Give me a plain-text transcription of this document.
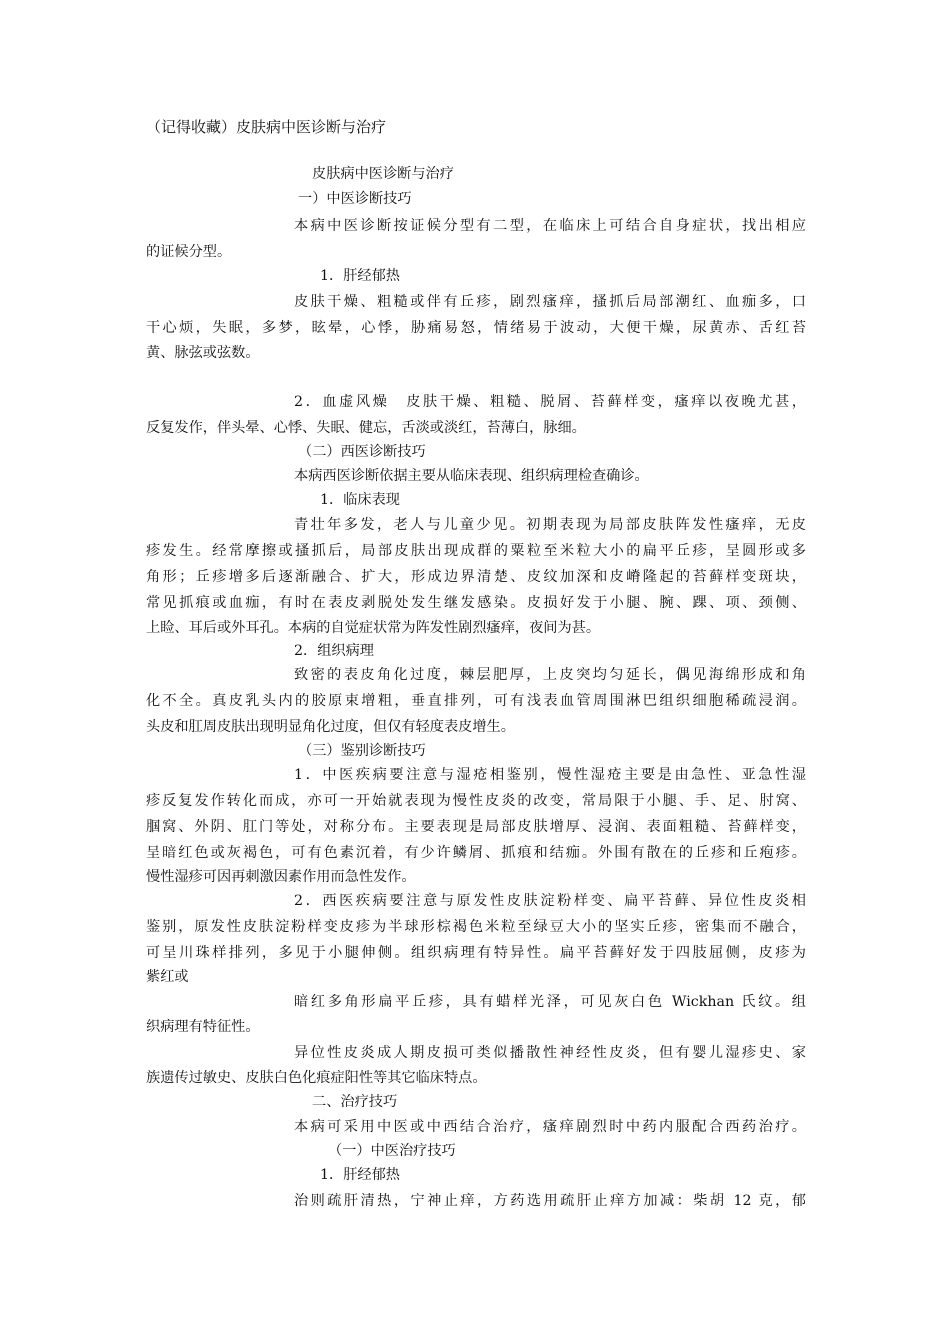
（记得收藏）皮肤病中医诊断与治疗
皮肤病中医诊断与治疗
一）中医诊断技巧
本病中医诊断按证候分型有二型，在临床上可结合自身症状，找出相应
的证候分型。
1．肝经郁热
皮肤干燥、粗糙或伴有丘疹，剧烈瘙痒，搔抓后局部潮红、血痂多，口
干心烦，失眠，多梦，眩晕，心悸，胁痛易怒，情绪易于波动，大便干燥，尿黄赤、舌红苔
黄、脉弦或弦数。
2．血虚风燥　皮肤干燥、粗糙、脱屑、苔藓样变，瘙痒以夜晚尤甚，
反复发作，伴头晕、心悸、失眠、健忘，舌淡或淡红，苔薄白，脉细。
（二）西医诊断技巧
本病西医诊断依据主要从临床表现、组织病理检查确诊。
1．临床表现
青壮年多发，老人与儿童少见。初期表现为局部皮肤阵发性瘙痒，无皮
疹发生。经常摩擦或搔抓后，局部皮肤出现成群的粟粒至米粒大小的扁平丘疹，呈圆形或多
角形；丘疹增多后逐渐融合、扩大，形成边界清楚、皮纹加深和皮嵴隆起的苔藓样变斑块，
常见抓痕或血痂，有时在表皮剥脱处发生继发感染。皮损好发于小腿、腕、踝、项、颈侧、
上睑、耳后或外耳孔。本病的自觉症状常为阵发性剧烈瘙痒，夜间为甚。
2．组织病理
致密的表皮角化过度，棘层肥厚，上皮突均匀延长，偶见海绵形成和角
化不全。真皮乳头内的胶原束增粗，垂直排列，可有浅表血管周围淋巴组织细胞稀疏浸润。
头皮和肛周皮肤出现明显角化过度，但仅有轻度表皮增生。
（三）鉴别诊断技巧
1．中医疾病要注意与湿疮相鉴别，慢性湿疮主要是由急性、亚急性湿
疹反复发作转化而成，亦可一开始就表现为慢性皮炎的改变，常局限于小腿、手、足、肘窝、
腘窝、外阴、肛门等处，对称分布。主要表现是局部皮肤增厚、浸润、表面粗糙、苔藓样变，
呈暗红色或灰褐色，可有色素沉着，有少许鳞屑、抓痕和结痂。外围有散在的丘疹和丘疱疹。
慢性湿疹可因再刺激因素作用而急性发作。
2．西医疾病要注意与原发性皮肤淀粉样变、扁平苔藓、异位性皮炎相
鉴别，原发性皮肤淀粉样变皮疹为半球形棕褐色米粒至绿豆大小的坚实丘疹，密集而不融合，
可呈川珠样排列，多见于小腿伸侧。组织病理有特异性。扁平苔藓好发于四肢屈侧，皮疹为
紫红或
暗红多角形扁平丘疹，具有蜡样光泽，可见灰白色 Wickhan 氏纹。组
织病理有特征性。
异位性皮炎成人期皮损可类似播散性神经性皮炎，但有婴儿湿疹史、家
族遗传过敏史、皮肤白色化痕症阳性等其它临床特点。
二、治疗技巧
本病可采用中医或中西结合治疗，瘙痒剧烈时中药内服配合西药治疗。
（一）中医治疗技巧
1．肝经郁热
治则疏肝清热，宁神止痒，方药选用疏肝止痒方加减：柴胡 12 克，郁
